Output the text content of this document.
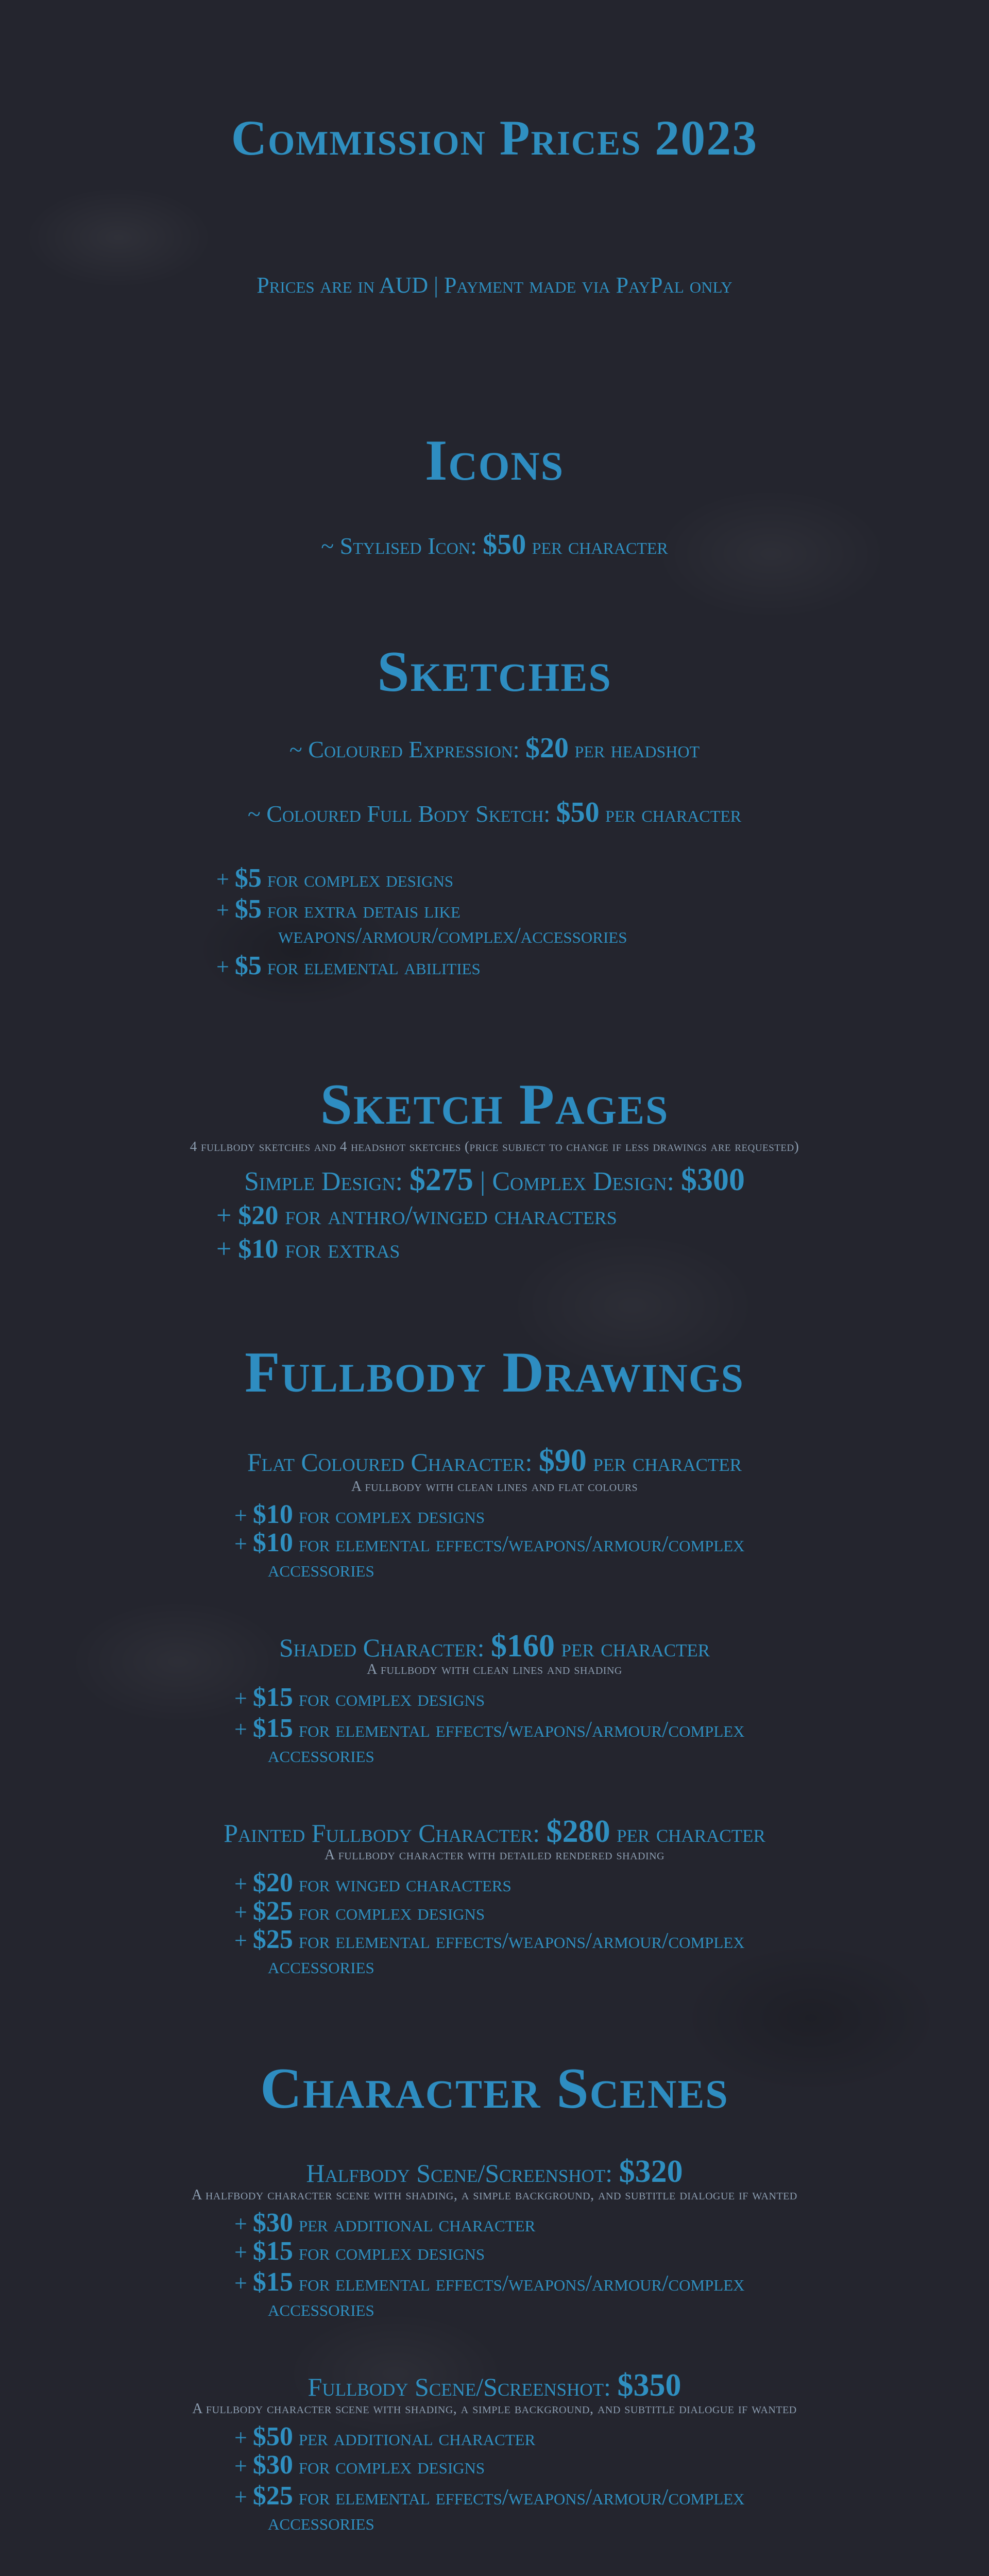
Commission Prices 2023

Prices are in AUD | Payment made via PayPal only

Icons

~ Stylised Icon: $50 per character

Sketches

~ Coloured Expression: $20 per headshot

~ Coloured Full Body Sketch: $50 per character

+ $5 for complex designs
+ $5 for extra detais like
weapons/armour/complex/accessories
+ $5 for elemental abilities
Sketch Pages

4 fullbody sketches and 4 headshot sketches (price subject to change if less drawings are requested)

Simple Design: $275 | Complex Design: $300

+ $20 for anthro/winged characters
+ $10 for extras
Fullbody Drawings

Flat Coloured Character: $90 per character

A fullbody with clean lines and flat colours

+ $10 for complex designs
+ $10 for elemental effects/weapons/armour/complex
accessories

Shaded Character: $160 per character

A fullbody with clean lines and shading

+ $15 for complex designs
+ $15 for elemental effects/weapons/armour/complex
accessories

Painted Fullbody Character: $280 per character

A fullbody character with detailed rendered shading

+ $20 for winged characters
+ $25 for complex designs
+ $25 for elemental effects/weapons/armour/complex
accessories
Character Scenes

Halfbody Scene/Screenshot: $320

A halfbody character scene with shading, a simple background, and subtitle dialogue if wanted

+ $30 per additional character
+ $15 for complex designs
+ $15 for elemental effects/weapons/armour/complex
accessories

Fullbody Scene/Screenshot: $350

A fullbody character scene with shading, a simple background, and subtitle dialogue if wanted

+ $50 per additional character
+ $30 for complex designs
+ $25 for elemental effects/weapons/armour/complex
accessories
